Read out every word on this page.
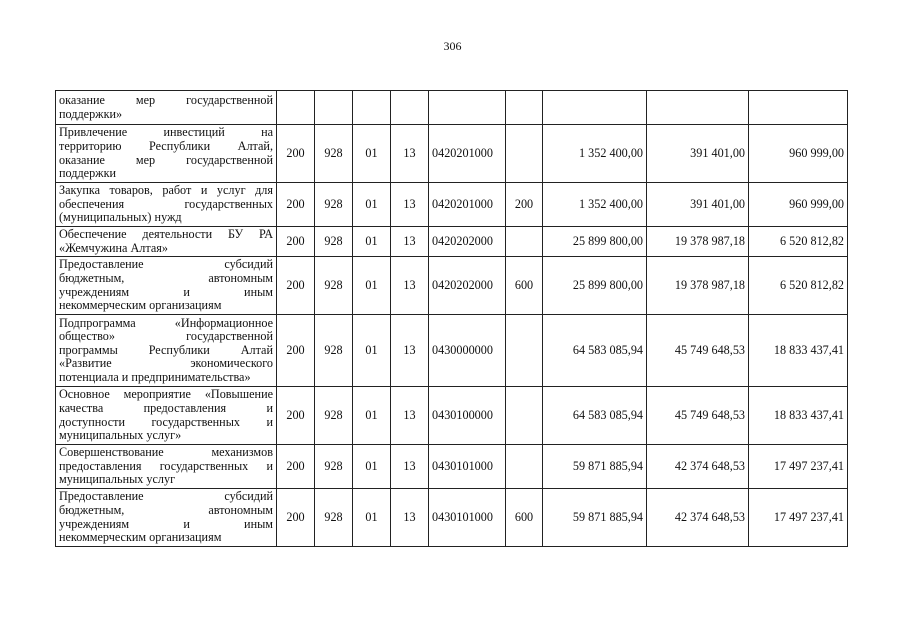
306
оказание мер государственной
поддержки»									

Привлечение инвестиций на
территорию Республики Алтай,
оказание мер государственной
поддержки	200	928	01	13	0420201000		1 352 400,00	391 401,00	960 999,00

Закупка товаров, работ и услуг для
обеспечения государственных
(муниципальных) нужд	200	928	01	13	0420201000	200	1 352 400,00	391 401,00	960 999,00

Обеспечение деятельности БУ РА
«Жемчужина Алтая»	200	928	01	13	0420202000		25 899 800,00	19 378 987,18	6 520 812,82

Предоставление субсидий
бюджетным, автономным
учреждениям и иным
некоммерческим организациям	200	928	01	13	0420202000	600	25 899 800,00	19 378 987,18	6 520 812,82

Подпрограмма «Информационное
общество» государственной
программы Республики Алтай
«Развитие экономического
потенциала и предпринимательства»	200	928	01	13	0430000000		64 583 085,94	45 749 648,53	18 833 437,41

Основное мероприятие «Повышение
качества предоставления и
доступности государственных и
муниципальных услуг»	200	928	01	13	0430100000		64 583 085,94	45 749 648,53	18 833 437,41

Совершенствование механизмов
предоставления государственных и
муниципальных услуг	200	928	01	13	0430101000		59 871 885,94	42 374 648,53	17 497 237,41

Предоставление субсидий
бюджетным, автономным
учреждениям и иным
некоммерческим организациям	200	928	01	13	0430101000	600	59 871 885,94	42 374 648,53	17 497 237,41
